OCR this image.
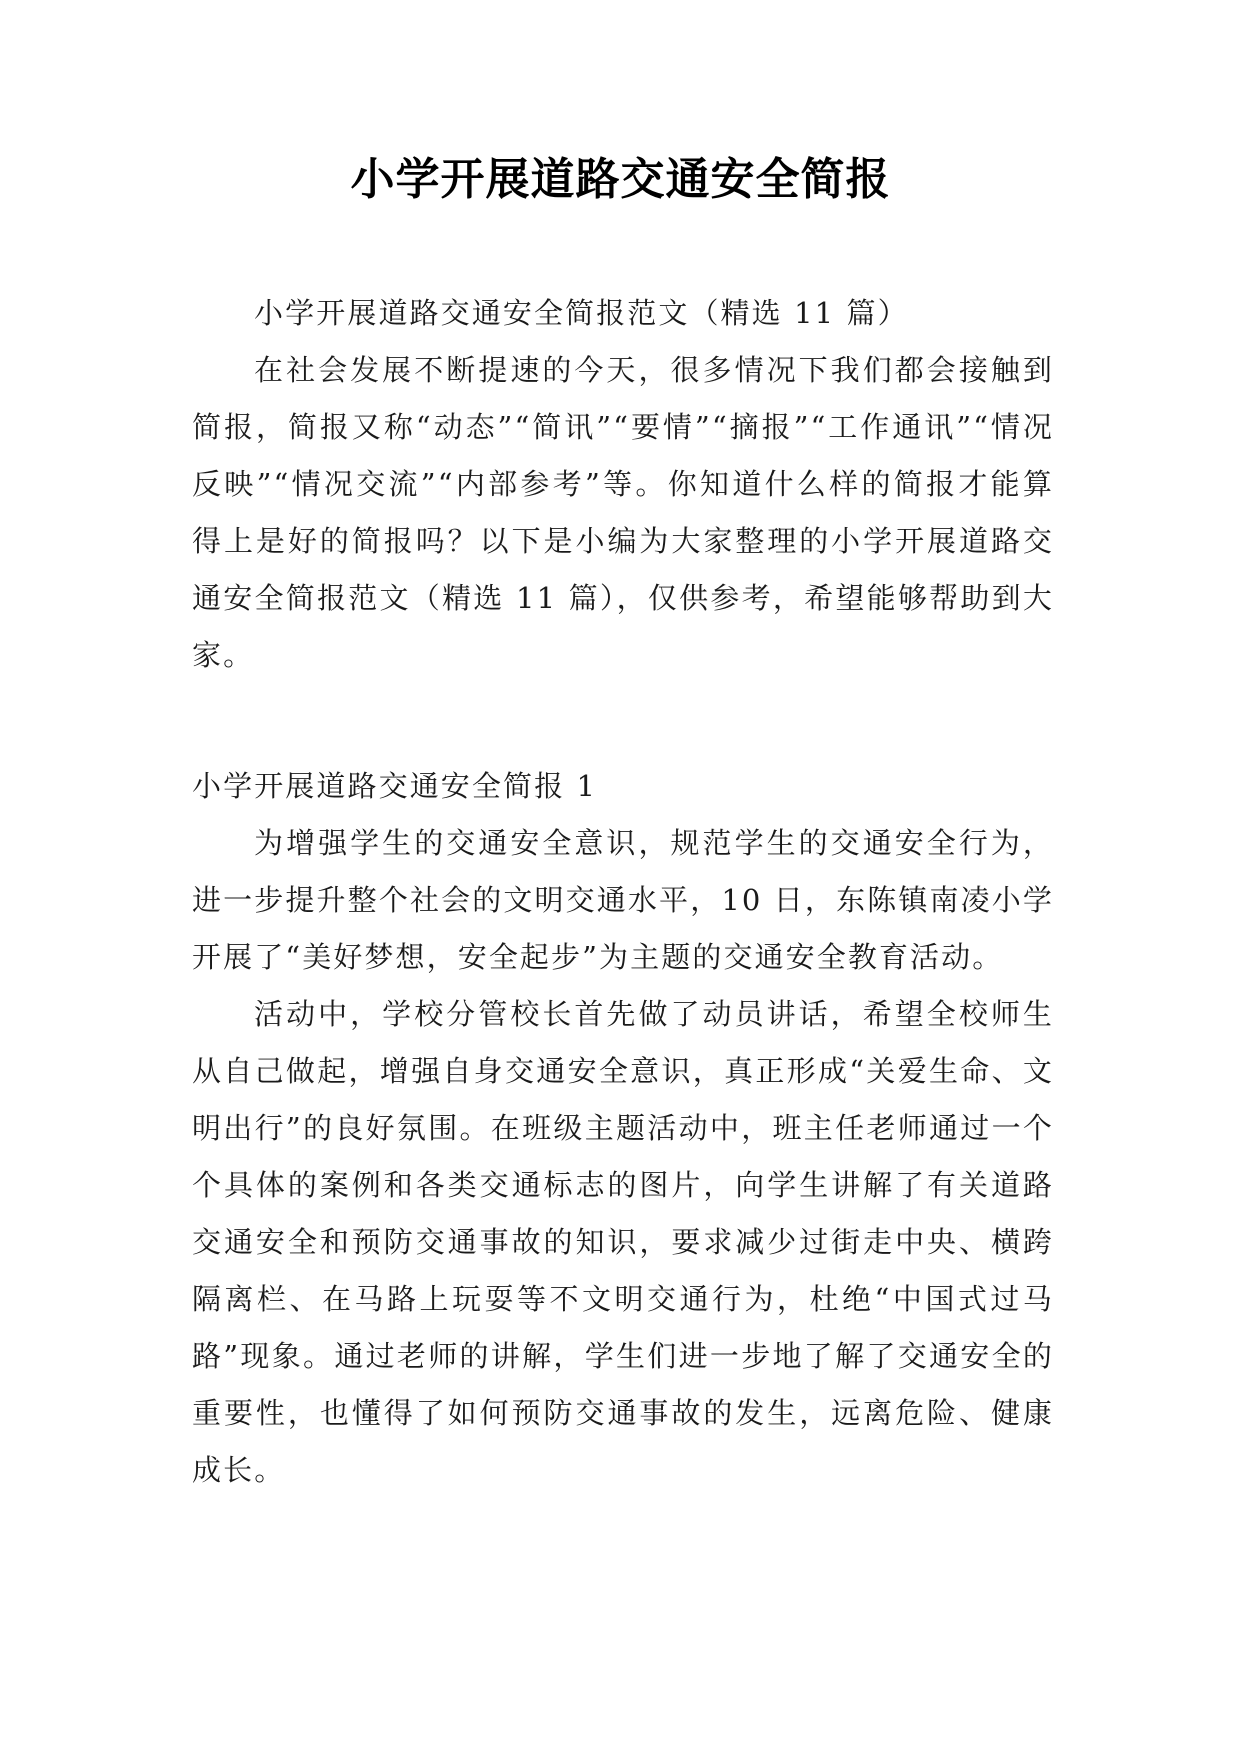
小学开展道路交通安全简报

小学开展道路交通安全简报范文（精选 11 篇）

在社会发展不断提速的今天，很多情况下我们都会接触到简报，简报又称“动态”“简讯”“要情”“摘报”“工作通讯”“情况反映”“情况交流”“内部参考”等。你知道什么样的简报才能算得上是好的简报吗？以下是小编为大家整理的小学开展道路交通安全简报范文（精选 11 篇），仅供参考，希望能够帮助到大家。

小学开展道路交通安全简报 1

为增强学生的交通安全意识，规范学生的交通安全行为，进一步提升整个社会的文明交通水平，10 日，东陈镇南凌小学开展了“美好梦想，安全起步”为主题的交通安全教育活动。

活动中，学校分管校长首先做了动员讲话，希望全校师生从自己做起，增强自身交通安全意识，真正形成“关爱生命、文明出行”的良好氛围。在班级主题活动中，班主任老师通过一个个具体的案例和各类交通标志的图片，向学生讲解了有关道路交通安全和预防交通事故的知识，要求减少过街走中央、横跨隔离栏、在马路上玩耍等不文明交通行为，杜绝“中国式过马路”现象。通过老师的讲解，学生们进一步地了解了交通安全的重要性，也懂得了如何预防交通事故的发生，远离危险、健康成长。
